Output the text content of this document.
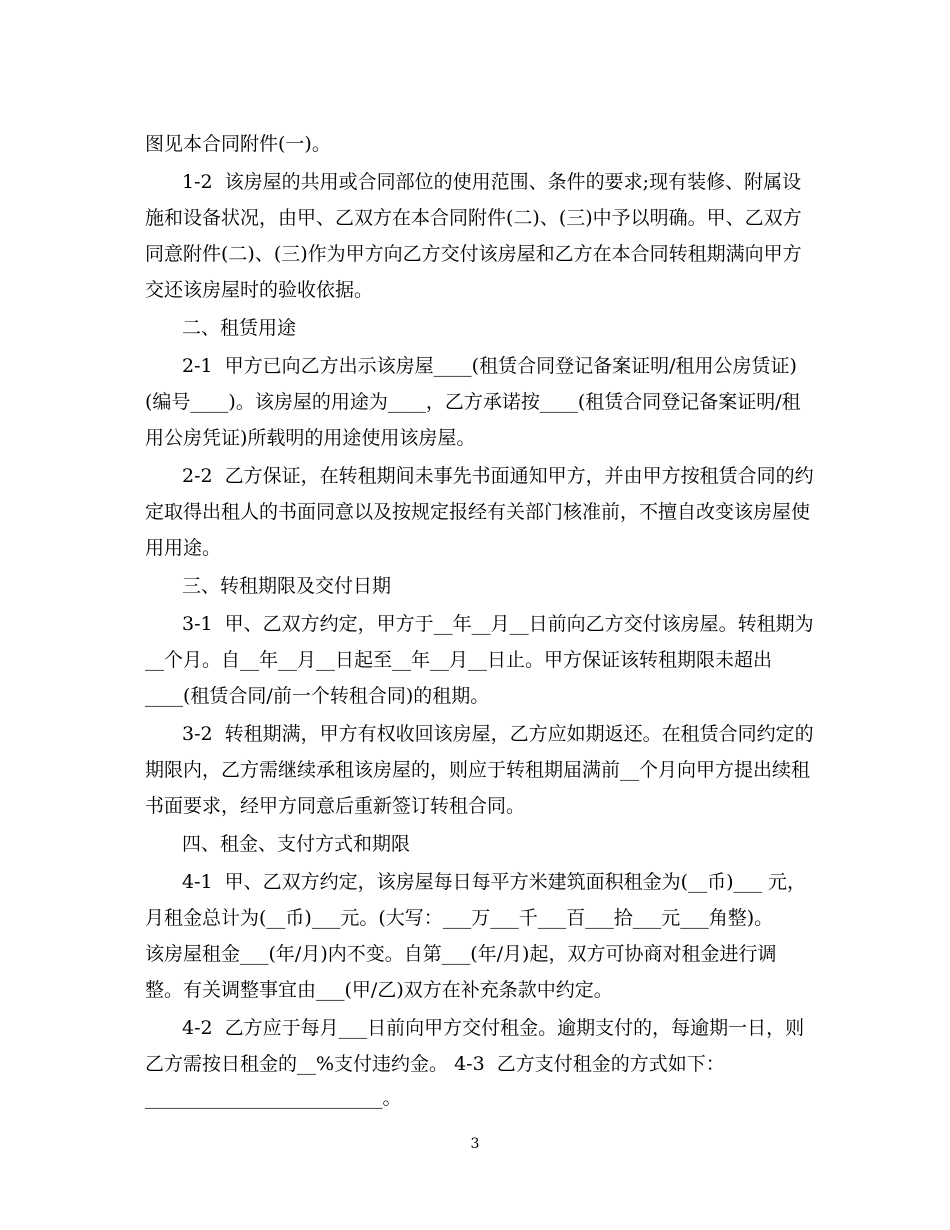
图见本合同附件(一)。
1-2  该房屋的共用或合同部位的使用范围、条件的要求;现有装修、附属设
施和设备状况，由甲、乙双方在本合同附件(二)、(三)中予以明确。甲、乙双方
同意附件(二)、(三)作为甲方向乙方交付该房屋和乙方在本合同转租期满向甲方
交还该房屋时的验收依据。
二、租赁用途
2-1  甲方已向乙方出示该房屋____(租赁合同登记备案证明/租用公房赁证)
(编号____)。该房屋的用途为____，乙方承诺按____(租赁合同登记备案证明/租
用公房凭证)所载明的用途使用该房屋。
2-2  乙方保证，在转租期间未事先书面通知甲方，并由甲方按租赁合同的约
定取得出租人的书面同意以及按规定报经有关部门核准前，不擅自改变该房屋使
用用途。
三、转租期限及交付日期
3-1  甲、乙双方约定，甲方于__年__月__日前向乙方交付该房屋。转租期为
__个月。自__年__月__日起至__年__月__日止。甲方保证该转租期限未超出
____(租赁合同/前一个转租合同)的租期。
3-2  转租期满，甲方有权收回该房屋，乙方应如期返还。在租赁合同约定的
期限内，乙方需继续承租该房屋的，则应于转租期届满前__个月向甲方提出续租
书面要求，经甲方同意后重新签订转租合同。
四、租金、支付方式和期限
4-1  甲、乙双方约定，该房屋每日每平方米建筑面积租金为(__币)___ 元，
月租金总计为(__币)___元。(大写：___万___千___百___拾___元___角整)。
该房屋租金___(年/月)内不变。自第___(年/月)起，双方可协商对租金进行调
整。有关调整事宜由___(甲/乙)双方在补充条款中约定。
4-2  乙方应于每月___日前向甲方交付租金。逾期支付的，每逾期一日，则
乙方需按日租金的__%支付违约金。 4-3  乙方支付租金的方式如下：
_________________________。
3
